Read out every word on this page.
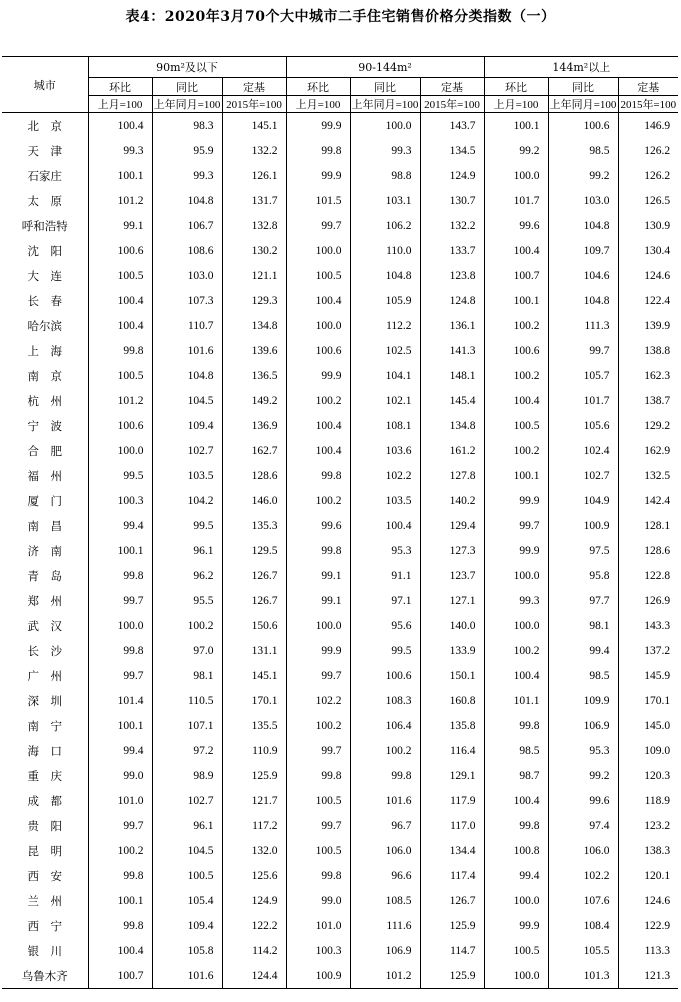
表4：2020年3月70个大中城市二手住宅销售价格分类指数（一）
城市	90m²及以下			90-144m²			144m²以上		
	环比	同比	定基	环比	同比	定基	环比	同比	定基
	上月=100	上年同月=100	2015年=100	上月=100	上年同月=100	2015年=100	上月=100	上年同月=100	2015年=100
北　京	100.4	98.3	145.1	99.9	100.0	143.7	100.1	100.6	146.9
天　津	99.3	95.9	132.2	99.8	99.3	134.5	99.2	98.5	126.2
石家庄	100.1	99.3	126.1	99.9	98.8	124.9	100.0	99.2	126.2
太　原	101.2	104.8	131.7	101.5	103.1	130.7	101.7	103.0	126.5
呼和浩特	99.1	106.7	132.8	99.7	106.2	132.2	99.6	104.8	130.9
沈　阳	100.6	108.6	130.2	100.0	110.0	133.7	100.4	109.7	130.4
大　连	100.5	103.0	121.1	100.5	104.8	123.8	100.7	104.6	124.6
长　春	100.4	107.3	129.3	100.4	105.9	124.8	100.1	104.8	122.4
哈尔滨	100.4	110.7	134.8	100.0	112.2	136.1	100.2	111.3	139.9
上　海	99.8	101.6	139.6	100.6	102.5	141.3	100.6	99.7	138.8
南　京	100.5	104.8	136.5	99.9	104.1	148.1	100.2	105.7	162.3
杭　州	101.2	104.5	149.2	100.2	102.1	145.4	100.4	101.7	138.7
宁　波	100.6	109.4	136.9	100.4	108.1	134.8	100.5	105.6	129.2
合　肥	100.0	102.7	162.7	100.4	103.6	161.2	100.2	102.4	162.9
福　州	99.5	103.5	128.6	99.8	102.2	127.8	100.1	102.7	132.5
厦　门	100.3	104.2	146.0	100.2	103.5	140.2	99.9	104.9	142.4
南　昌	99.4	99.5	135.3	99.6	100.4	129.4	99.7	100.9	128.1
济　南	100.1	96.1	129.5	99.8	95.3	127.3	99.9	97.5	128.6
青　岛	99.8	96.2	126.7	99.1	91.1	123.7	100.0	95.8	122.8
郑　州	99.7	95.5	126.7	99.1	97.1	127.1	99.3	97.7	126.9
武　汉	100.0	100.2	150.6	100.0	95.6	140.0	100.0	98.1	143.3
长　沙	99.8	97.0	131.1	99.9	99.5	133.9	100.2	99.4	137.2
广　州	99.7	98.1	145.1	99.7	100.6	150.1	100.4	98.5	145.9
深　圳	101.4	110.5	170.1	102.2	108.3	160.8	101.1	109.9	170.1
南　宁	100.1	107.1	135.5	100.2	106.4	135.8	99.8	106.9	145.0
海　口	99.4	97.2	110.9	99.7	100.2	116.4	98.5	95.3	109.0
重　庆	99.0	98.9	125.9	99.8	99.8	129.1	98.7	99.2	120.3
成　都	101.0	102.7	121.7	100.5	101.6	117.9	100.4	99.6	118.9
贵　阳	99.7	96.1	117.2	99.7	96.7	117.0	99.8	97.4	123.2
昆　明	100.2	104.5	132.0	100.5	106.0	134.4	100.8	106.0	138.3
西　安	99.8	100.5	125.6	99.8	96.6	117.4	99.4	102.2	120.1
兰　州	100.1	105.4	124.9	99.0	108.5	126.7	100.0	107.6	124.6
西　宁	99.8	109.4	122.2	101.0	111.6	125.9	99.9	108.4	122.9
银　川	100.4	105.8	114.2	100.3	106.9	114.7	100.5	105.5	113.3
乌鲁木齐	100.7	101.6	124.4	100.9	101.2	125.9	100.0	101.3	121.3
